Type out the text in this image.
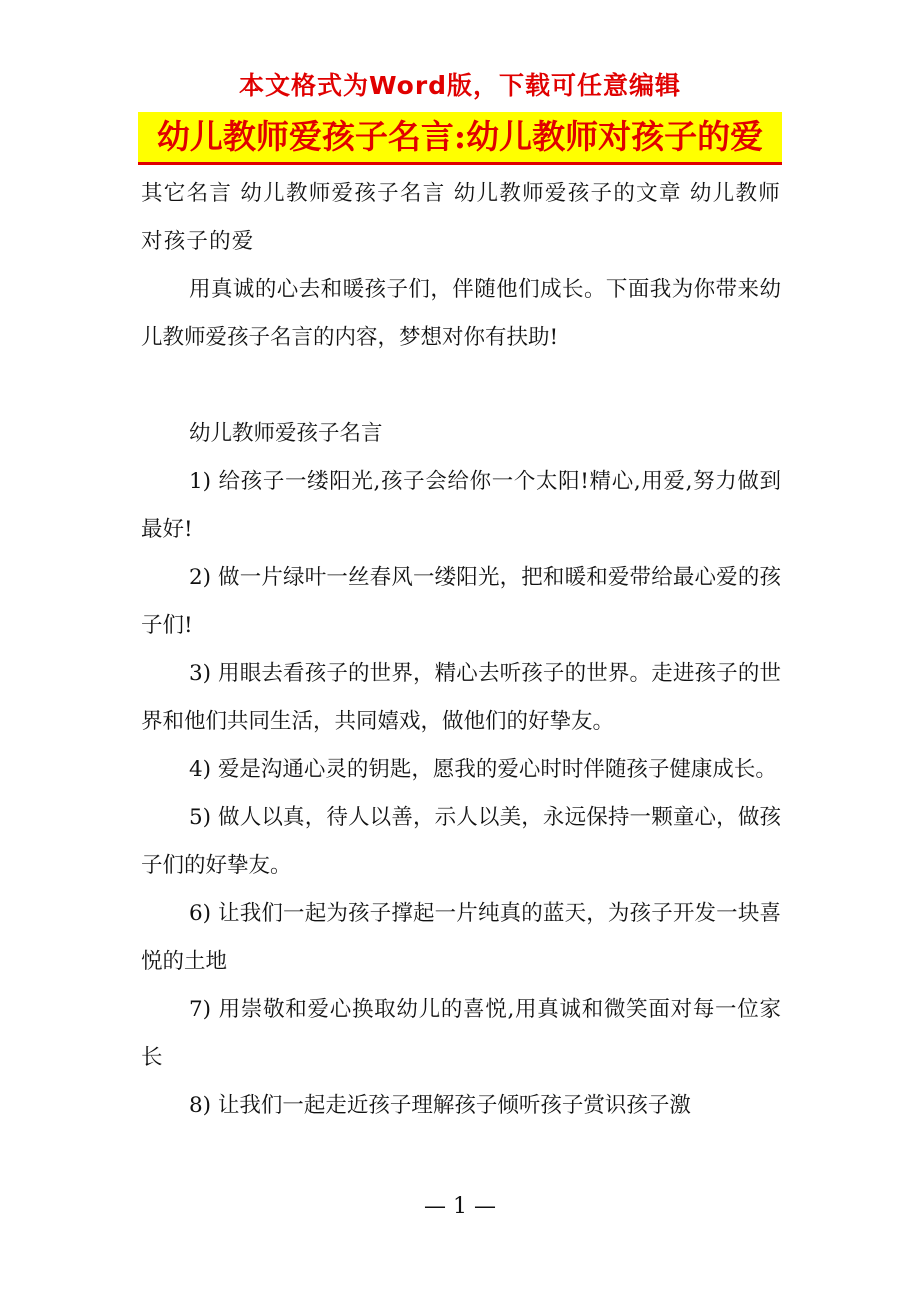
本文格式为Word版，下载可任意编辑
幼儿教师爱孩子名言:幼儿教师对孩子的爱

其它名言 幼儿教师爱孩子名言 幼儿教师爱孩子的文章 幼儿教师对孩子的爱

用真诚的心去和暖孩子们，伴随他们成长。下面我为你带来幼儿教师爱孩子名言的内容，梦想对你有扶助!

幼儿教师爱孩子名言

1) 给孩子一缕阳光,孩子会给你一个太阳!精心,用爱,努力做到最好!

2) 做一片绿叶一丝春风一缕阳光，把和暖和爱带给最心爱的孩子们!

3) 用眼去看孩子的世界，精心去听孩子的世界。走进孩子的世界和他们共同生活，共同嬉戏，做他们的好挚友。

4) 爱是沟通心灵的钥匙，愿我的爱心时时伴随孩子健康成长。

5) 做人以真，待人以善，示人以美，永远保持一颗童心，做孩子们的好挚友。

6) 让我们一起为孩子撑起一片纯真的蓝天，为孩子开发一块喜悦的土地

7) 用崇敬和爱心换取幼儿的喜悦,用真诚和微笑面对每一位家长

8) 让我们一起走近孩子理解孩子倾听孩子赏识孩子激

— 1 —
